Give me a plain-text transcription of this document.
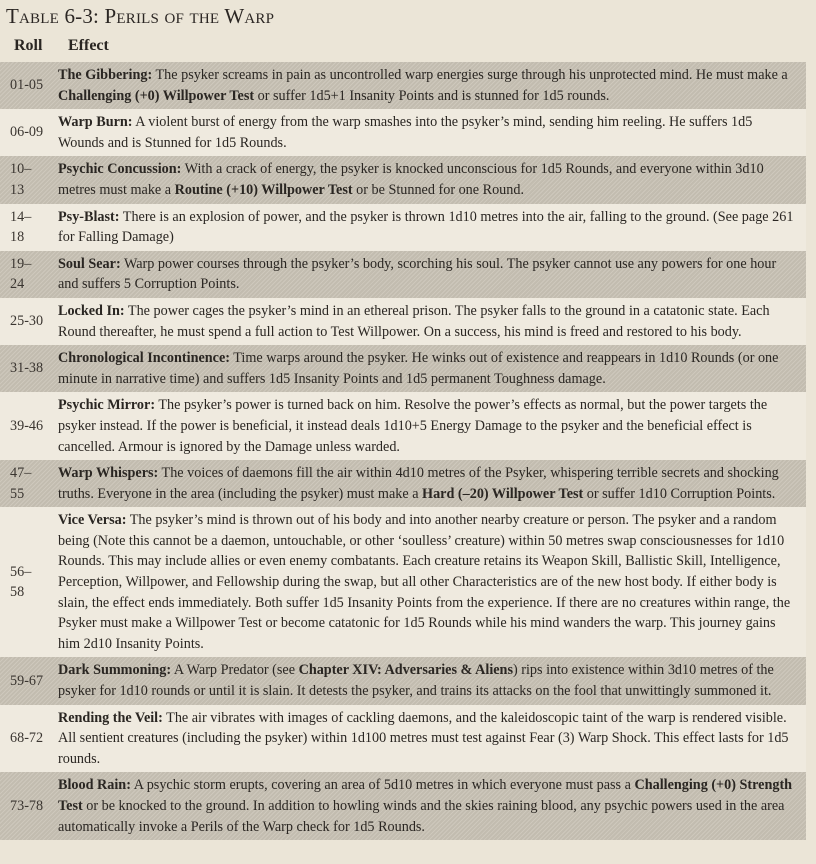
Table 6-3: Perils of the Warp
Roll Effect
01-05
The Gibbering: The psyker screams in pain as uncontrolled warp energies surge through his unprotected mind. He must make a Challenging (+0) Willpower Test or suffer 1d5+1 Insanity Points and is stunned for 1d5 rounds.
06-09
Warp Burn: A violent burst of energy from the warp smashes into the psyker’s mind, sending him reeling. He suffers 1d5 Wounds and is Stunned for 1d5 Rounds.
10–13
Psychic Concussion: With a crack of energy, the psyker is knocked unconscious for 1d5 Rounds, and everyone within 3d10 metres must make a Routine (+10) Willpower Test or be Stunned for one Round.
14–18
Psy-Blast: There is an explosion of power, and the psyker is thrown 1d10 metres into the air, falling to the ground. (See page 261 for Falling Damage)
19–24
Soul Sear: Warp power courses through the psyker’s body, scorching his soul. The psyker cannot use any powers for one hour and suffers 5 Corruption Points.
25-30
Locked In: The power cages the psyker’s mind in an ethereal prison. The psyker falls to the ground in a catatonic state. Each Round thereafter, he must spend a full action to Test Willpower. On a success, his mind is freed and restored to his body.
31-38
Chronological Incontinence: Time warps around the psyker. He winks out of existence and reappears in 1d10 Rounds (or one minute in narrative time) and suffers 1d5 Insanity Points and 1d5 permanent Toughness damage.
39-46
Psychic Mirror: The psyker’s power is turned back on him. Resolve the power’s effects as normal, but the power targets the psyker instead. If the power is beneficial, it instead deals 1d10+5 Energy Damage to the psyker and the beneficial effect is cancelled. Armour is ignored by the Damage unless warded.
47–55
Warp Whispers: The voices of daemons fill the air within 4d10 metres of the Psyker, whispering terrible secrets and shocking truths. Everyone in the area (including the psyker) must make a Hard (–20) Willpower Test or suffer 1d10 Corruption Points.
56–58
Vice Versa: The psyker’s mind is thrown out of his body and into another nearby creature or person. The psyker and a random being (Note this cannot be a daemon, untouchable, or other ‘soulless’ creature) within 50 metres swap consciousnesses for 1d10 Rounds. This may include allies or even enemy combatants. Each creature retains its Weapon Skill, Ballistic Skill, Intelligence, Perception, Willpower, and Fellowship during the swap, but all other Characteristics are of the new host body. If either body is slain, the effect ends immediately. Both suffer 1d5 Insanity Points from the experience. If there are no creatures within range, the Psyker must make a Willpower Test or become catatonic for 1d5 Rounds while his mind wanders the warp. This journey gains him 2d10 Insanity Points.
59-67
Dark Summoning: A Warp Predator (see Chapter XIV: Adversaries & Aliens) rips into existence within 3d10 metres of the psyker for 1d10 rounds or until it is slain. It detests the psyker, and trains its attacks on the fool that unwittingly summoned it.
68-72
Rending the Veil: The air vibrates with images of cackling daemons, and the kaleidoscopic taint of the warp is rendered visible. All sentient creatures (including the psyker) within 1d100 metres must test against Fear (3) Warp Shock. This effect lasts for 1d5 rounds.
73-78
Blood Rain: A psychic storm erupts, covering an area of 5d10 metres in which everyone must pass a Challenging (+0) Strength Test or be knocked to the ground. In addition to howling winds and the skies raining blood, any psychic powers used in the area automatically invoke a Perils of the Warp check for 1d5 Rounds.
